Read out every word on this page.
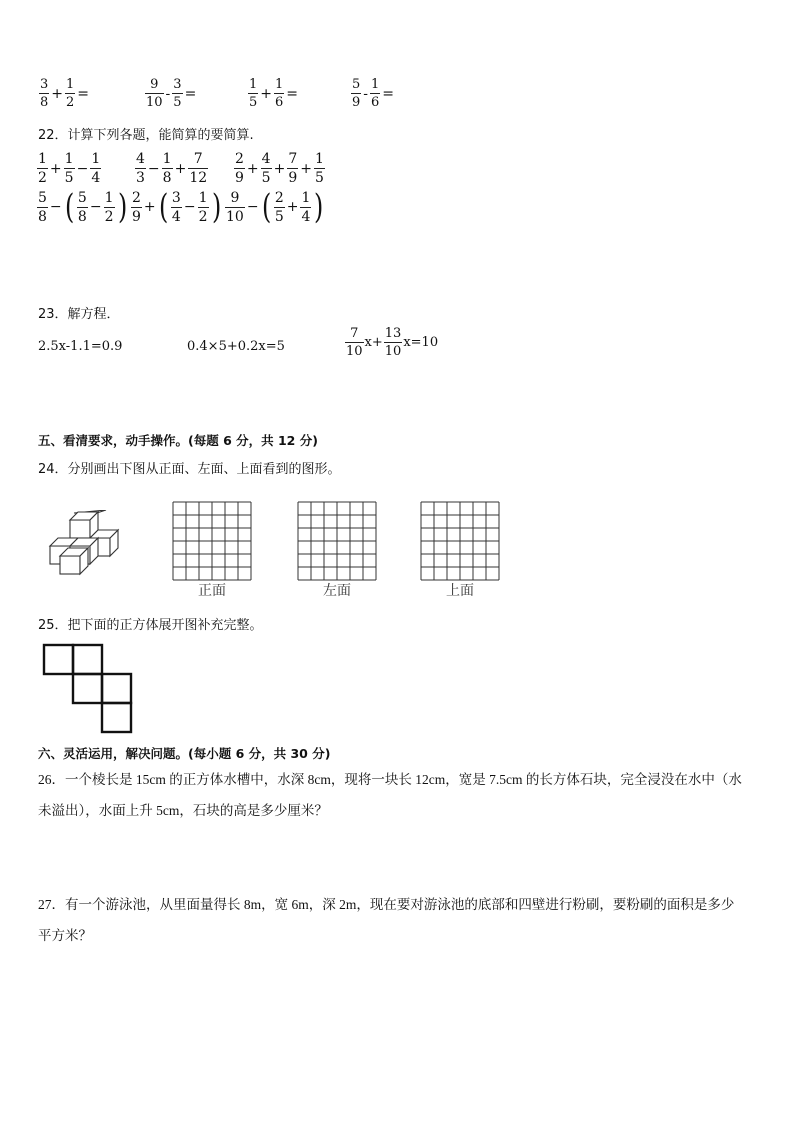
3
8
+ $\frac{1}{2}$ =
9
10
- $\frac{3}{5}$ =
1
5
+ $\frac{1}{6}$ =
5
9
- $\frac{1}{6}$ =
22．计算下列各题，能简算的要简算.
1
2
+ $\frac{1}{5} - \frac{1}{4} 4$
3
− $\frac{1}{8} + \frac{7}{12} 2$
9
+ $\frac{4}{5} + \frac{7}{9} + \frac{1}{5}$
5
8
− ( 5
8
− $\frac{1}{2}$ ) 2
9
+ ( 3
4
− $\frac{1}{2}$ ) 9
10
− ( 2
5
+ $\frac{1}{4}$ )
23．解方程．
2.5x-1.1=0.9	0.4×5+0.2x=5
7
10
$x+ \frac{13}{10} x=10$
五、看清要求，动手操作。(每题 6 分，共 12 分)
24．分别画出下图从正面、左面、上面看到的图形。
正面	左面	上面
25．把下面的正方体展开图补充完整。
六、灵活运用，解决问题。(每小题 6 分，共 30 分)
26．一个棱长是 15cm 的正方体水槽中，水深 8cm，现将一块长 12cm，宽是 7.5cm 的长方体石块，完全浸没在水中（水
未溢出），水面上升 5cm，石块的高是多少厘米？
27．有一个游泳池，从里面量得长 8m，宽 6m，深 2m，现在要对游泳池的底部和四壁进行粉刷，要粉刷的面积是多少
平方米？
